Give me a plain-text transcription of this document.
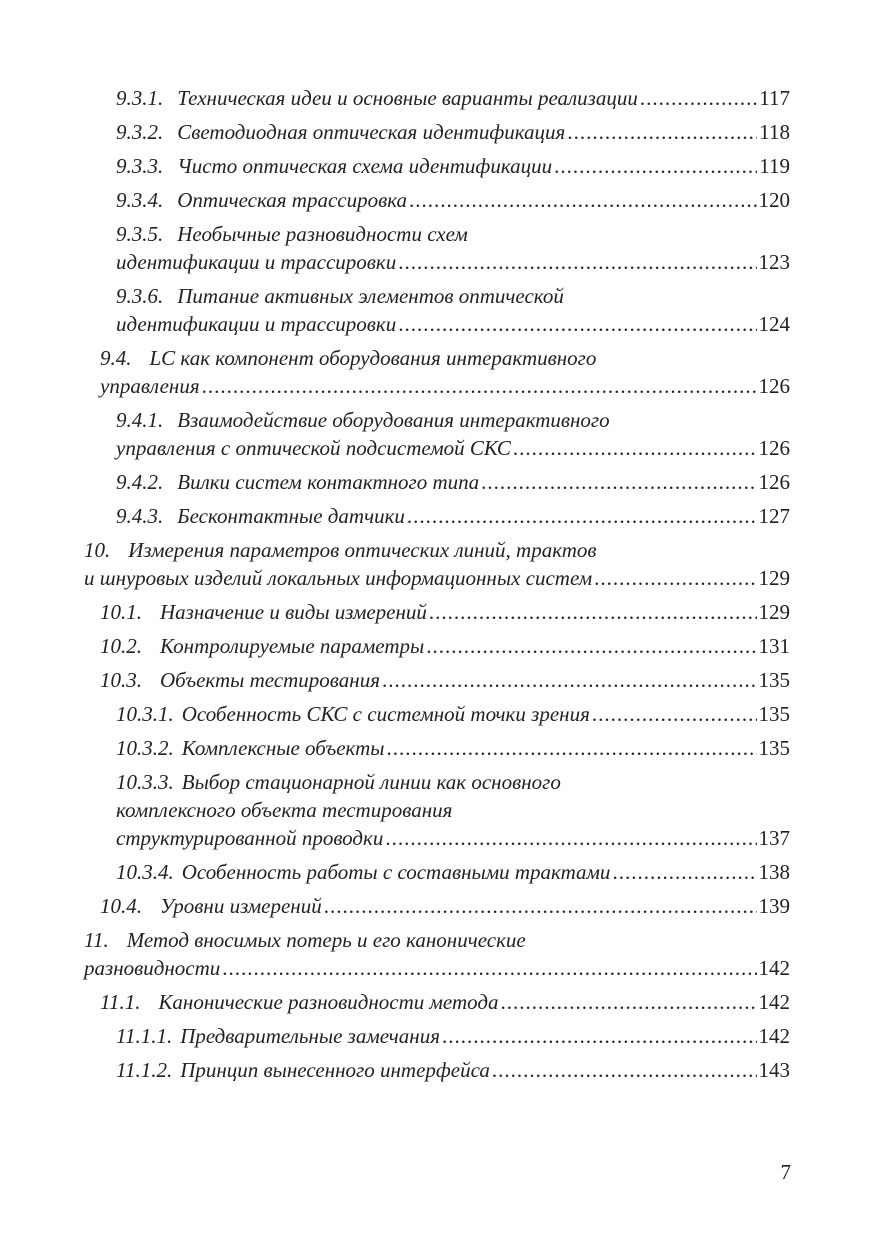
9.3.1. Техническая идеи и основные варианты реализации .....	117
9.3.2. Светодиодная оптическая идентификация .....	118
9.3.3. Чисто оптическая схема идентификации .....	119
9.3.4. Оптическая трассировка .....	120
9.3.5. Необычные разновидности схем
идентификации и трассировки .....	123
9.3.6. Питание активных элементов оптической
идентификации и трассировки .....	124
9.4. LC как компонент оборудования интерактивного
управления .....	126
9.4.1. Взаимодействие оборудования интерактивного
управления с оптической подсистемой СКС .....	126
9.4.2. Вилки систем контактного типа .....	126
9.4.3. Бесконтактные датчики .....	127
10. Измерения параметров оптических линий, трактов
и шнуровых изделий локальных информационных систем .....	129
10.1. Назначение и виды измерений .....	129
10.2. Контролируемые параметры .....	131
10.3. Объекты тестирования .....	135
10.3.1. Особенность СКС с системной точки зрения .....	135
10.3.2. Комплексные объекты .....	135
10.3.3. Выбор стационарной линии как основного
комплексного объекта тестирования
структурированной проводки .....	137
10.3.4. Особенность работы с составными трактами .....	138
10.4. Уровни измерений .....	139
11. Метод вносимых потерь и его канонические
разновидности .....	142
11.1. Канонические разновидности метода .....	142
11.1.1. Предварительные замечания .....	142
11.1.2. Принцип вынесенного интерфейса .....	143
7
